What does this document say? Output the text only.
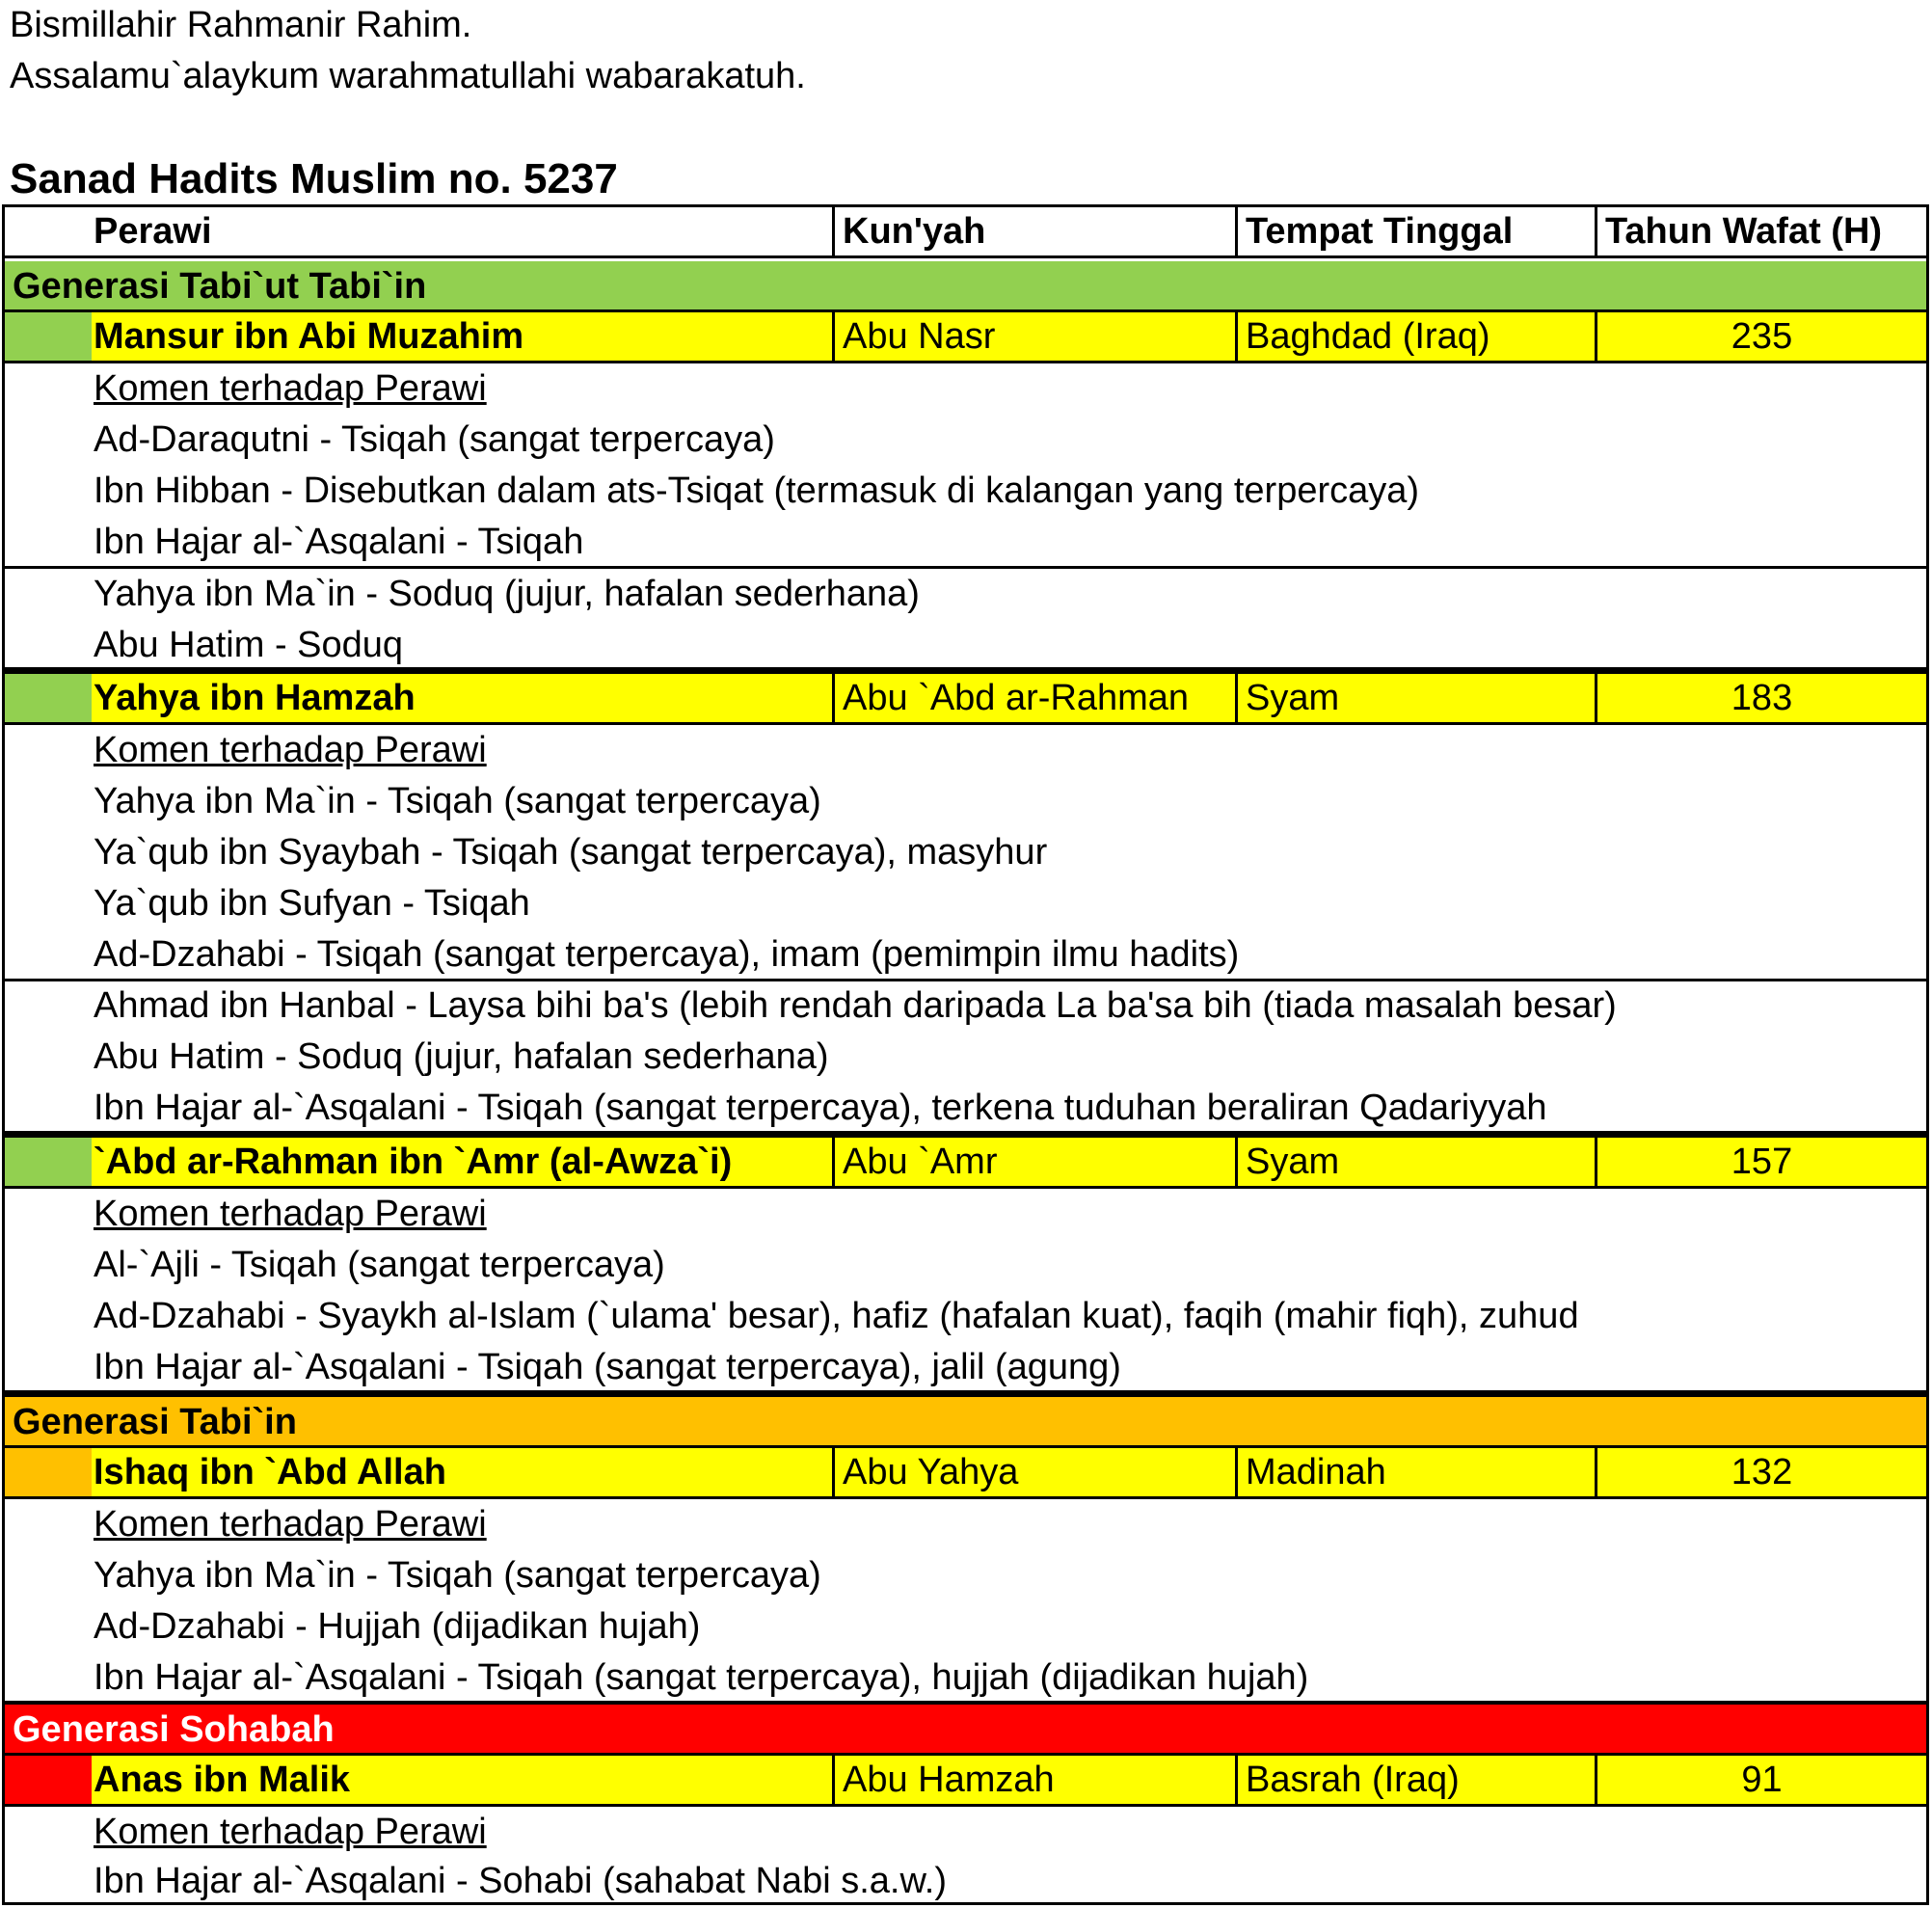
Bismillahir Rahmanir Rahim.
Assalamu`alaykum warahmatullahi wabarakatuh.
Sanad Hadits Muslim no. 5237
Perawi	Kun'yah	Tempat Tinggal	Tahun Wafat (H)
Generasi Tabi`ut Tabi`in
Mansur ibn Abi Muzahim	Abu Nasr	Baghdad (Iraq)	235
Komen terhadap Perawi
Ad-Daraqutni - Tsiqah (sangat terpercaya)
Ibn Hibban - Disebutkan dalam ats-Tsiqat (termasuk di kalangan yang terpercaya)
Ibn Hajar al-`Asqalani - Tsiqah
Yahya ibn Ma`in - Soduq (jujur, hafalan sederhana)
Abu Hatim - Soduq
Yahya ibn Hamzah	Abu `Abd ar-Rahman	Syam	183
Komen terhadap Perawi
Yahya ibn Ma`in - Tsiqah (sangat terpercaya)
Ya`qub ibn Syaybah - Tsiqah (sangat terpercaya), masyhur
Ya`qub ibn Sufyan - Tsiqah
Ad-Dzahabi - Tsiqah (sangat terpercaya), imam (pemimpin ilmu hadits)
Ahmad ibn Hanbal - Laysa bihi ba's (lebih rendah daripada La ba'sa bih (tiada masalah besar)
Abu Hatim - Soduq (jujur, hafalan sederhana)
Ibn Hajar al-`Asqalani - Tsiqah (sangat terpercaya), terkena tuduhan beraliran Qadariyyah
`Abd ar-Rahman ibn `Amr (al-Awza`i)	Abu `Amr	Syam	157
Komen terhadap Perawi
Al-`Ajli - Tsiqah (sangat terpercaya)
Ad-Dzahabi - Syaykh al-Islam (`ulama' besar), hafiz (hafalan kuat), faqih (mahir fiqh), zuhud
Ibn Hajar al-`Asqalani - Tsiqah (sangat terpercaya), jalil (agung)
Generasi Tabi`in
Ishaq ibn `Abd Allah	Abu Yahya	Madinah	132
Komen terhadap Perawi
Yahya ibn Ma`in - Tsiqah (sangat terpercaya)
Ad-Dzahabi - Hujjah (dijadikan hujah)
Ibn Hajar al-`Asqalani - Tsiqah (sangat terpercaya), hujjah (dijadikan hujah)
Generasi Sohabah
Anas ibn Malik	Abu Hamzah	Basrah (Iraq)	91
Komen terhadap Perawi
Ibn Hajar al-`Asqalani - Sohabi (sahabat Nabi s.a.w.)
